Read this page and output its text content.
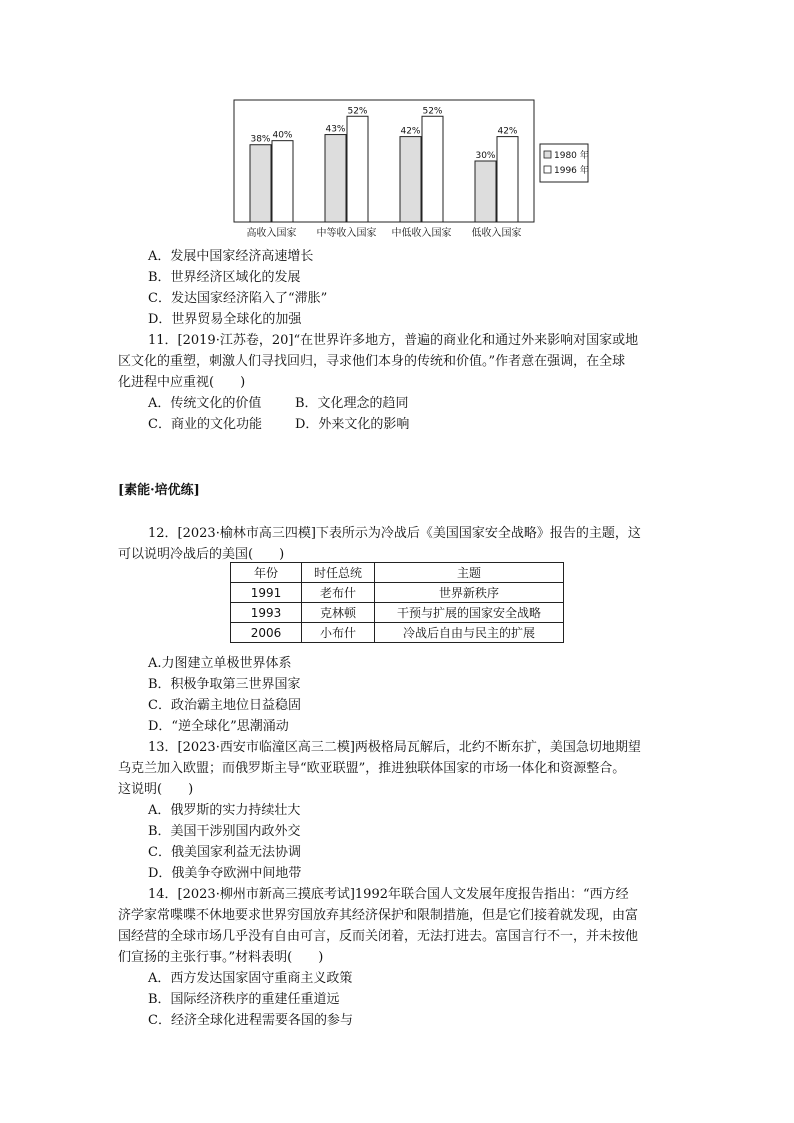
38% 40%
高收入国家
43%
52%
中等收入国家
42%
52%
中低收入国家
30%
42%
低收入国家
1980 年
1996 年
A．发展中国家经济高速增长
B．世界经济区域化的发展
C．发达国家经济陷入了“滞胀”
D．世界贸易全球化的加强
11．[2019·江苏卷，20]“在世界许多地方，普遍的商业化和通过外来影响对国家或地
区文化的重塑，刺激人们寻找回归，寻求他们本身的传统和价值。”作者意在强调，在全球
化进程中应重视(　　)
A．传统文化的价值	B．文化理念的趋同
C．商业的文化功能	D．外来文化的影响
[素能·培优练]
12．[2023·榆林市高三四模]下表所示为冷战后《美国国家安全战略》报告的主题，这
可以说明冷战后的美国(　　)
年份	时任总统	主题
1991	老布什	世界新秩序
1993	克林顿	干预与扩展的国家安全战略
2006	小布什	冷战后自由与民主的扩展
A.力图建立单极世界体系
B．积极争取第三世界国家
C．政治霸主地位日益稳固
D．“逆全球化”思潮涌动
13．[2023·西安市临潼区高三二模]两极格局瓦解后，北约不断东扩，美国急切地期望
乌克兰加入欧盟；而俄罗斯主导“欧亚联盟”，推进独联体国家的市场一体化和资源整合。
这说明(　　)
A．俄罗斯的实力持续壮大
B．美国干涉别国内政外交
C．俄美国家利益无法协调
D．俄美争夺欧洲中间地带
14．[2023·柳州市新高三摸底考试]1992年联合国人文发展年度报告指出：“西方经
济学家常喋喋不休地要求世界穷国放弃其经济保护和限制措施，但是它们接着就发现，由富
国经营的全球市场几乎没有自由可言，反而关闭着，无法打进去。富国言行不一，并未按他
们宣扬的主张行事。”材料表明(　　)
A．西方发达国家固守重商主义政策
B．国际经济秩序的重建任重道远
C．经济全球化进程需要各国的参与
